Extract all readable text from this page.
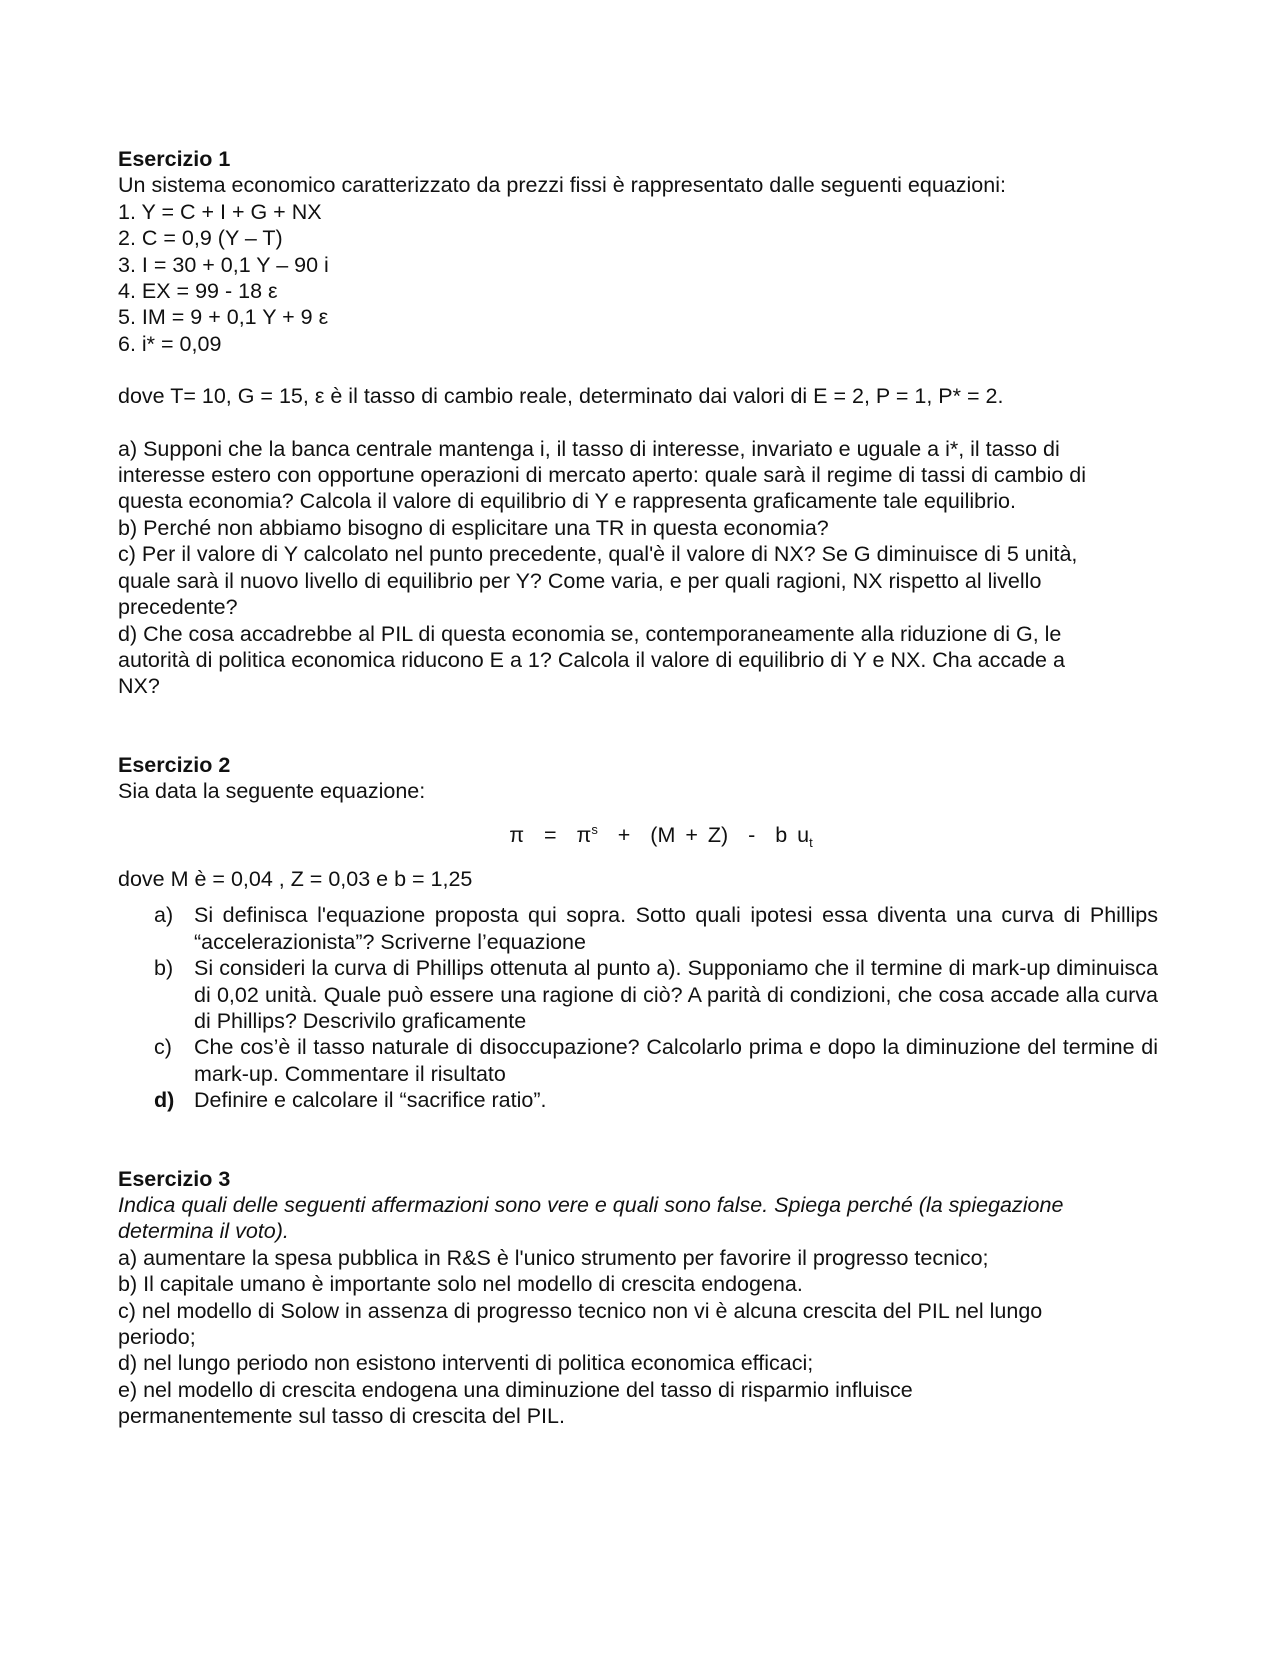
Esercizio 1
Un sistema economico caratterizzato da prezzi fissi è rappresentato dalle seguenti equazioni:
1. Y = C + I + G + NX
2. C = 0,9 (Y – T)
3. I = 30 + 0,1 Y – 90 i
4. EX = 99 - 18 ε
5. IM = 9 + 0,1 Y + 9 ε
6. i* = 0,09
dove T= 10, G = 15, ε è il tasso di cambio reale, determinato dai valori di E = 2, P = 1, P* = 2.
a) Supponi che la banca centrale mantenga i, il tasso di interesse, invariato e uguale a i*, il tasso di
interesse estero con opportune operazioni di mercato aperto: quale sarà il regime di tassi di cambio di
questa economia? Calcola il valore di equilibrio di Y e rappresenta graficamente tale equilibrio.
b) Perché non abbiamo bisogno di esplicitare una TR in questa economia?
c) Per il valore di Y calcolato nel punto precedente, qual'è il valore di NX? Se G diminuisce di 5 unità,
quale sarà il nuovo livello di equilibrio per Y? Come varia, e per quali ragioni, NX rispetto al livello
precedente?
d) Che cosa accadrebbe al PIL di questa economia se, contemporaneamente alla riduzione di G, le
autorità di politica economica riducono E a 1? Calcola il valore di equilibrio di Y e NX. Cha accade a
NX?
Esercizio 2
Sia data la seguente equazione:
$\pi = \pi^s + (M + Z) - b$ $u_t$
dove M è = 0,04 , Z = 0,03 e b = 1,25
a) Si definisca l'equazione proposta qui sopra. Sotto quali ipotesi essa diventa una curva di Phillips “accelerazionista”? Scriverne l’equazione
b) Si consideri la curva di Phillips ottenuta al punto a). Supponiamo che il termine di mark-up diminuisca di 0,02 unità. Quale può essere una ragione di ciò? A parità di condizioni, che cosa accade alla curva di Phillips? Descrivilo graficamente
c)	Che cos’è il tasso naturale di disoccupazione? Calcolarlo prima e dopo la diminuzione del termine di mark-up. Commentare il risultato
d) Definire e calcolare il “sacrifice ratio”.
Esercizio 3
Indica quali delle seguenti affermazioni sono vere e quali sono false. Spiega perché (la spiegazione
determina il voto).
a) aumentare la spesa pubblica in R&S è l'unico strumento per favorire il progresso tecnico;
b) Il capitale umano è importante solo nel modello di crescita endogena.
c) nel modello di Solow in assenza di progresso tecnico non vi è alcuna crescita del PIL nel lungo
periodo;
d) nel lungo periodo non esistono interventi di politica economica efficaci;
e) nel modello di crescita endogena una diminuzione del tasso di risparmio influisce
permanentemente sul tasso di crescita del PIL.
